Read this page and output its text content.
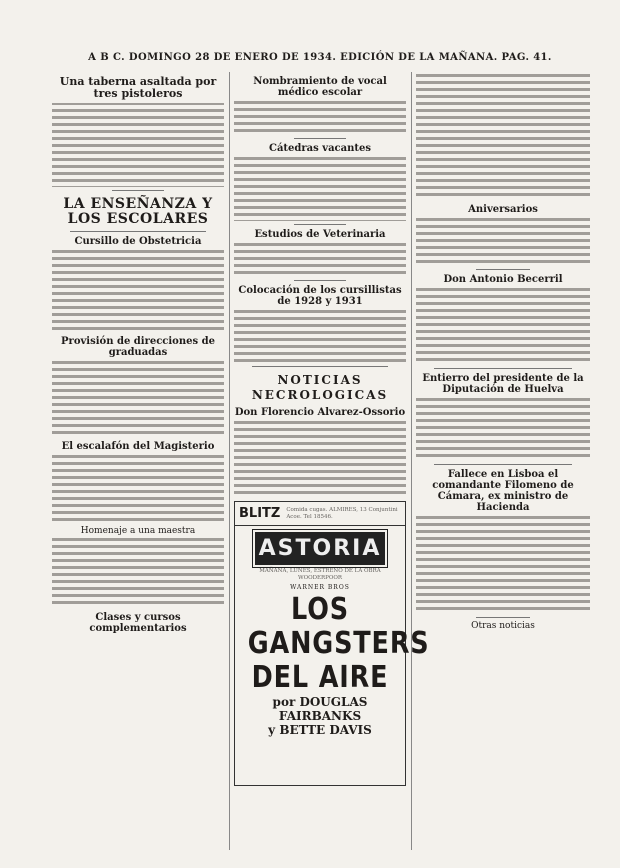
A B C. DOMINGO 28 DE ENERO DE 1934. EDICIÓN DE LA MAÑANA. PAG. 41.
Una taberna asaltada por tres pistoleros
LA ENSEÑANZA Y LOS ESCOLARES
Cursillo de Obstetricia
Provisión de direcciones de graduadas
El escalafón del Magisterio
Homenaje a una maestra
Clases y cursos complementarios
Nombramiento de vocal médico escolar
Cátedras vacantes
Estudios de Veterinaria
Colocación de los cursillistas de 1928 y 1931
NOTICIAS NECROLOGICAS
Don Florencio Alvarez-Ossorio
BLITZ Comida cugas. ALMIRES, 13 Conjuntini Acoe. Tel 18546.
ASTORIA
MAÑANA, LUNES, ESTRENO DE LA OBRA WOODERPOOR
WARNER BROS
LOS GANGSTERS
DEL AIRE
por DOUGLAS FAIRBANKS
y BETTE DAVIS
Aniversarios
Don Antonio Becerril
Entierro del presidente de la Diputación de Huelva
Fallece en Lisboa el comandante Filomeno de Cámara, ex ministro de Hacienda
Otras noticias
